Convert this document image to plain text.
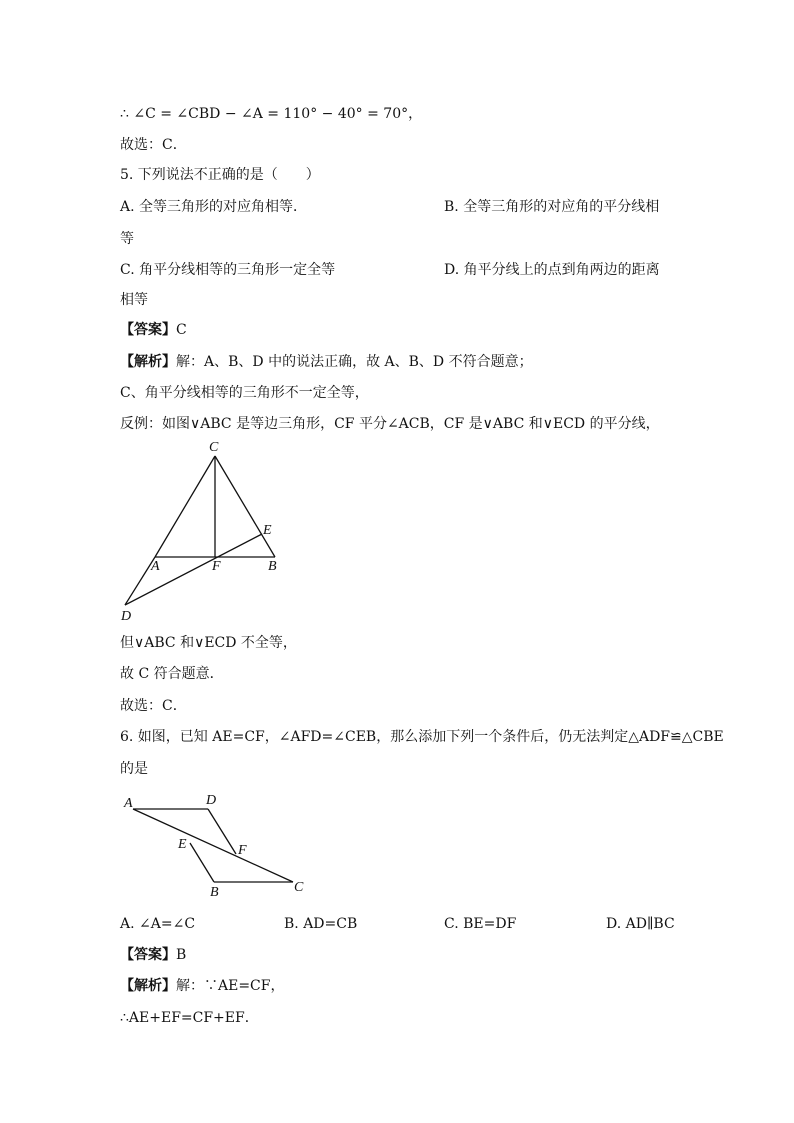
∴ ∠C = ∠CBD − ∠A = 110° − 40° = 70°，
故选：C．
5. 下列说法不正确的是（　　）
A. 全等三角形的对应角相等．	B. 全等三角形的对应角的平分线相
等
C. 角平分线相等的三角形一定全等	D. 角平分线上的点到角两边的距离
相等
【答案】C
【解析】解：A、B、D 中的说法正确，故 A、B、D 不符合题意；
C、角平分线相等的三角形不一定全等，
反例：如图∨ABC 是等边三角形，CF 平分∠ACB，CF 是∨ABC 和∨ECD 的平分线，
C
E
A	F	B
D
但∨ABC 和∨ECD 不全等，
故 C 符合题意．
故选：C．
6. 如图，已知 AE=CF，∠AFD=∠CEB，那么添加下列一个条件后，仍无法判定△ADF≌△CBE
的是
A	D
E	F
B	C
A. ∠A=∠C	B. AD=CB	C. BE=DF	D. AD∥BC
【答案】B
【解析】解：∵AE=CF，
∴AE+EF=CF+EF．
